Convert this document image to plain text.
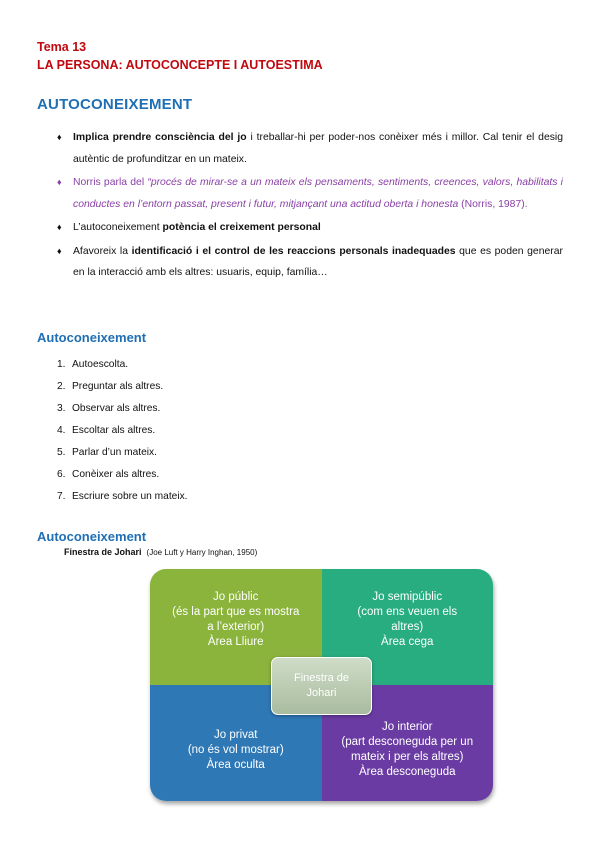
Tema 13
LA PERSONA: AUTOCONCEPTE I AUTOESTIMA
AUTOCONEIXEMENT
♦ Implica prendre consciència del jo i treballar-hi per poder-nos conèixer més i millor. Cal tenir el desig autèntic de profunditzar en un mateix.
♦ Norris parla del “procés de mirar-se a un mateix els pensaments, sentiments, creences, valors, habilitats i conductes en l’entorn passat, present i futur, mitjançant una actitud oberta i honesta (Norris, 1987).
♦ L’autoconeixement potència el creixement personal
♦ Afavoreix la identificació i el control de les reaccions personals inadequades que es poden generar en la interacció amb els altres: usuaris, equip, família…
Autoconeixement
1. Autoescolta.
2. Preguntar als altres.
3. Observar als altres.
4. Escoltar als altres.
5. Parlar d’un mateix.
6. Conèixer als altres.
7. Escriure sobre un mateix.
Autoconeixement
Finestra de Johari (Joe Luft y Harry Inghan, 1950)
Jo públic
(és la part que es mostra
a l’exterior)
Àrea Lliure
Jo semipúblic
(com ens veuen els
altres)
Àrea cega
Jo privat
(no és vol mostrar)
Àrea oculta
Jo interior
(part desconeguda per un
mateix i per els altres)
Àrea desconeguda
Finestra de
Johari
